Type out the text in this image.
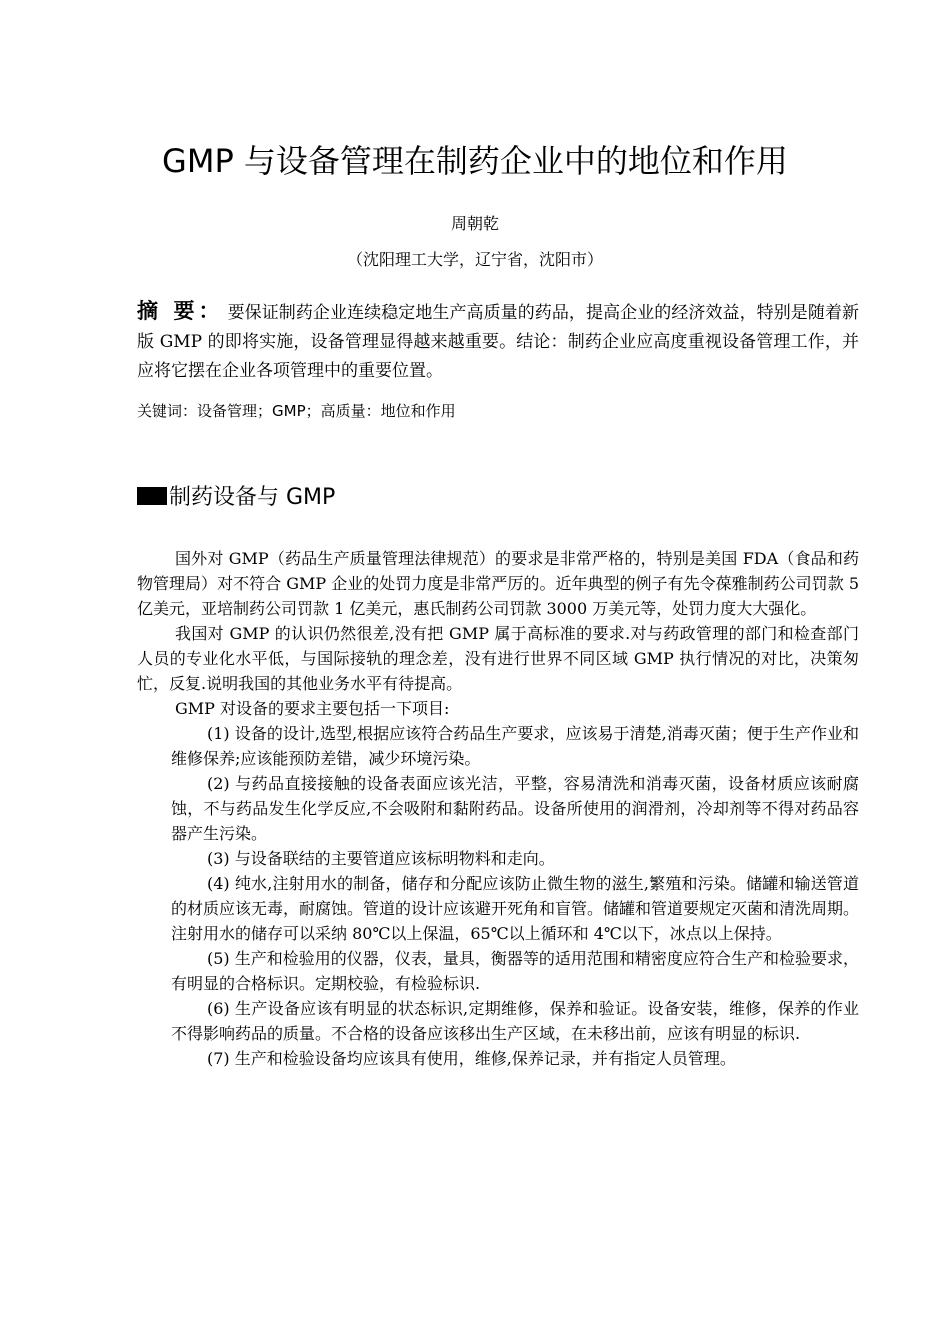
GMP 与设备管理在制药企业中的地位和作用
周朝乾
（沈阳理工大学，辽宁省，沈阳市）
摘 要： 要保证制药企业连续稳定地生产高质量的药品，提高企业的经济效益，特别是随着新版 GMP 的即将实施，设备管理显得越来越重要。结论：制药企业应高度重视设备管理工作，并应将它摆在企业各项管理中的重要位置。
关键词：设备管理；GMP；高质量：地位和作用
制药设备与 GMP

国外对 GMP（药品生产质量管理法律规范）的要求是非常严格的，特别是美国 FDA（食品和药物管理局）对不符合 GMP 企业的处罚力度是非常严厉的。近年典型的例子有先令葆雅制药公司罚款 5 亿美元，亚培制药公司罚款 1 亿美元，惠氏制药公司罚款 3000 万美元等，处罚力度大大强化。

我国对 GMP 的认识仍然很差,没有把 GMP 属于高标准的要求.对与药政管理的部门和检查部门人员的专业化水平低，与国际接轨的理念差，没有进行世界不同区域 GMP 执行情况的对比，决策匆忙，反复.说明我国的其他业务水平有待提高。

GMP 对设备的要求主要包括一下项目:

(1) 设备的设计,选型,根据应该符合药品生产要求，应该易于清楚,消毒灭菌；便于生产作业和维修保养;应该能预防差错，减少环境污染。

(2) 与药品直接接触的设备表面应该光洁，平整，容易清洗和消毒灭菌，设备材质应该耐腐蚀，不与药品发生化学反应,不会吸附和黏附药品。设备所使用的润滑剂，冷却剂等不得对药品容器产生污染。

(3) 与设备联结的主要管道应该标明物料和走向。

(4) 纯水,注射用水的制备，储存和分配应该防止微生物的滋生,繁殖和污染。储罐和输送管道的材质应该无毒，耐腐蚀。管道的设计应该避开死角和盲管。储罐和管道要规定灭菌和清洗周期。注射用水的储存可以采纳 80℃以上保温，65℃以上循环和 4℃以下，冰点以上保持。

(5) 生产和检验用的仪器，仪表，量具，衡器等的适用范围和精密度应符合生产和检验要求，有明显的合格标识。定期校验，有检验标识.

(6) 生产设备应该有明显的状态标识,定期维修，保养和验证。设备安装，维修，保养的作业不得影响药品的质量。不合格的设备应该移出生产区域，在未移出前，应该有明显的标识.

(7) 生产和检验设备均应该具有使用，维修,保养记录，并有指定人员管理。
